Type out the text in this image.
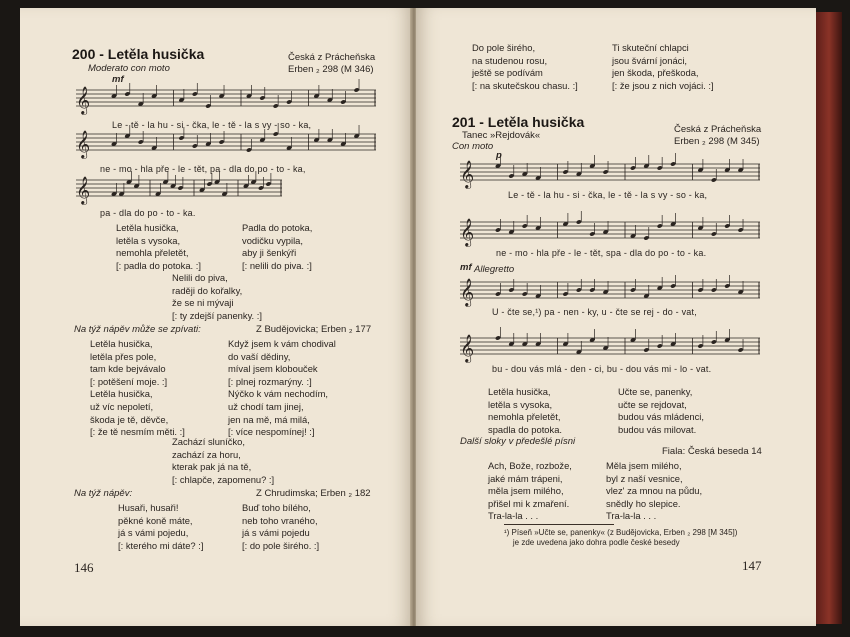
200 - Letěla husička
Moderato con moto
mf
Česká z Prácheňska
Erben ₂ 298 (M 346)
𝄞
Le - tě - la hu - si - čka, le - tě - la s vy - so - ka,
𝄞
ne - mo - hla pře - le - tět, pa - dla do po - to - ka,
𝄞
pa - dla do po - to - ka.
Letěla husička,
letěla s vysoka,
nemohla přeletět,
[: padla do potoka. :]
Padla do potoka,
vodičku vypila,
aby ji šenkýři
[: nelili do piva. :]
Nelili do piva,
raději do kořalky,
že se ni mývaji
[: ty zdejší panenky. :]
Na týž nápěv může se zpívati:	Z Budějovicka; Erben ₂ 177
Letěla husička,
letěla přes pole,
tam kde bejvávalo
[: potěšení moje. :]
Letěla husička,
už víc nepoletí,
škoda je tě, děvče,
[: že tě nesmím měti. :]
Když jsem k vám chodival
do vaší dědiny,
míval jsem klobouček
[: plnej rozmarýny. :]
Nýčko k vám nechodím,
už chodí tam jinej,
jen na mě, má milá,
[: více nespomínej! :]
Zachází sluníčko,
zachází za horu,
kterak pak já na tě,
[: chlapče, zapomenu? :]
Na týž nápěv:	Z Chrudimska; Erben ₂ 182
Husaři, husaři!
pěkné koně máte,
já s vámi pojedu,
[: kterého mi dáte? :]
Buď toho bílého,
neb toho vraného,
já s vámi pojedu
[: do pole širého. :]
146
Do pole širého,
na studenou rosu,
ještě se podívám
[: na skutečskou chasu. :]
Ti skuteční chlapci
jsou švární jonáci,
jen škoda, přeškoda,
[: že jsou z nich vojáci. :]
201 - Letěla husička
Tanec »Rejdovák«
Con moto
Česká z Prácheňska
Erben ₂ 298 (M 345)
p
𝄞
Le - tě - la hu - si - čka, le - tě - la s vy - so - ka,
𝄞
ne - mo - hla pře - le - tět, spa - dla do po - to - ka.
mf Allegretto
𝄞
U - čte se,¹) pa - nen - ky, u - čte se rej - do - vat,
𝄞
bu - dou vás mlá - den - ci, bu - dou vás mi - lo - vat.
Letěla husička,
letěla s vysoka,
nemohla přeletět,
spadla do potoka.
Učte se, panenky,
učte se rejdovat,
budou vás mládenci,
budou vás milovat.
Další sloky v předešlé písni
Fiala: Česká beseda 14
Ach, Bože, rozbože,
jaké mám trápeni,
měla jsem milého,
přišel mi k zmaření.
Tra-la-la . . .
Měla jsem milého,
byl z naší vesnice,
vlez' za mnou na půdu,
snědly ho slepice.
Tra-la-la . . .
¹) Píseň »Učte se, panenky« (z Budějovicka, Erben ₂ 298 [M 345])
je zde uvedena jako dohra podle české besedy
147
